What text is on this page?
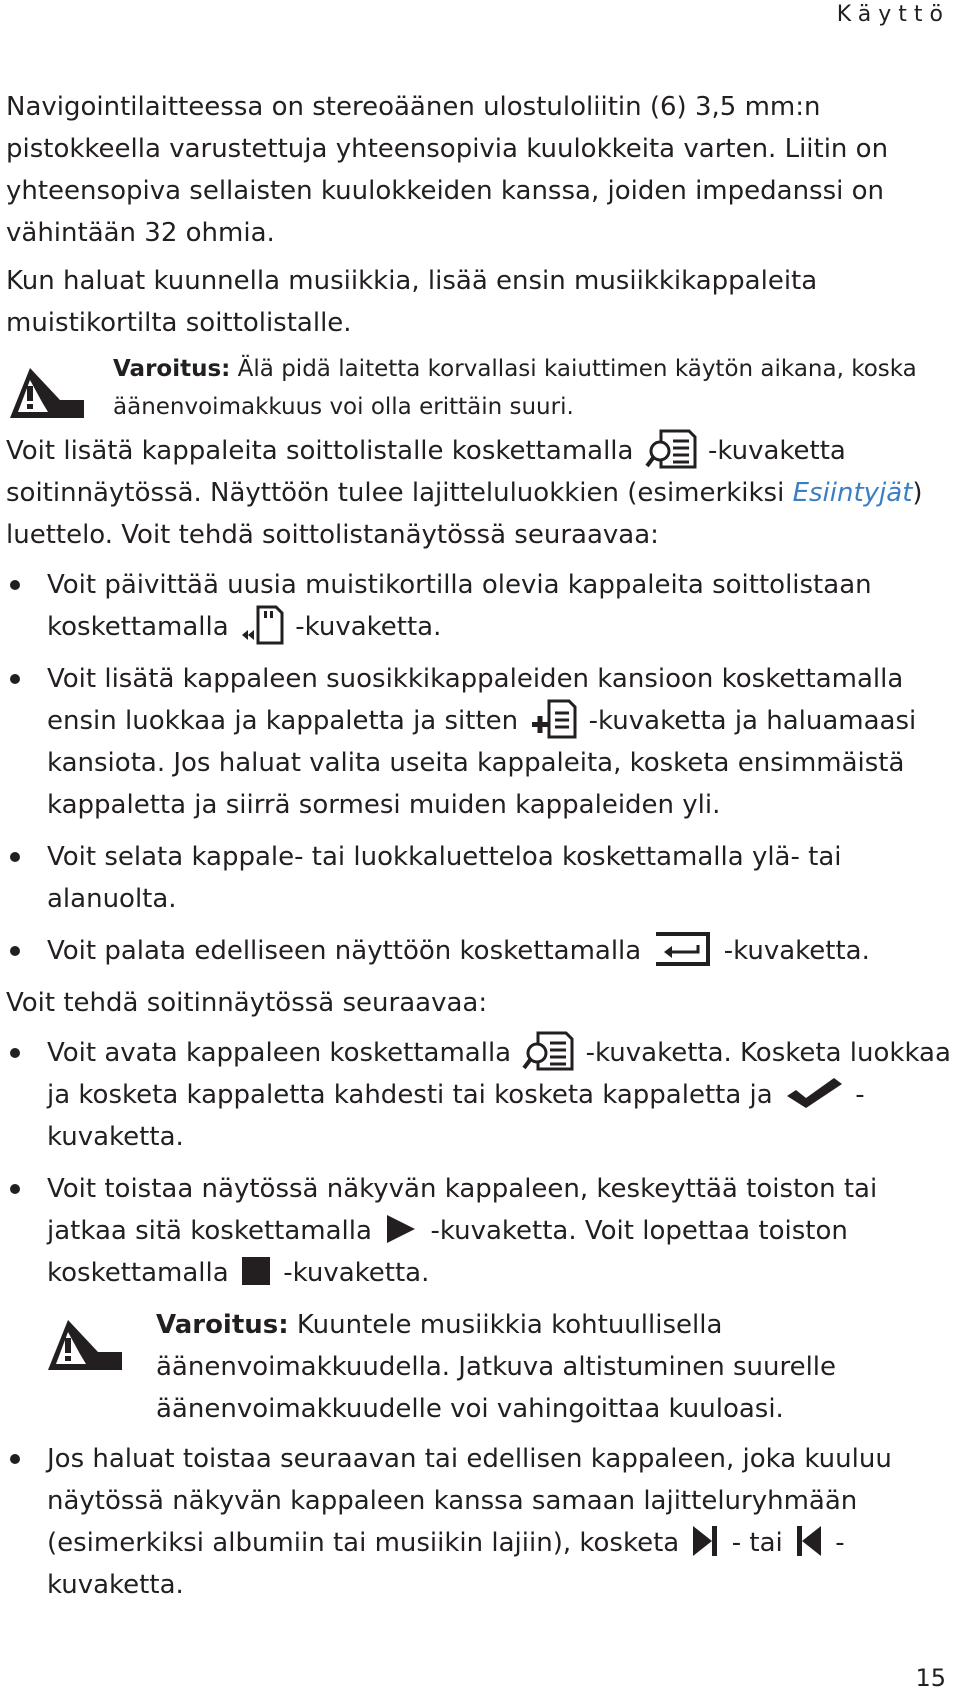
Käyttö

Navigointilaitteessa on stereoäänen ulostuloliitin (6) 3,5 mm:n pistokkeella varustettuja yhteensopivia kuulokkeita varten. Liitin on yhteensopiva sellaisten kuulokkeiden kanssa, joiden impedanssi on vähintään 32 ohmia.

Kun haluat kuunnella musiikkia, lisää ensin musiikkikappaleita muistikortilta soittolistalle.

Varoitus: Älä pidä laitetta korvallasi kaiuttimen käytön aikana, koska äänenvoimakkuus voi olla erittäin suuri.

Voit lisätä kappaleita soittolistalle koskettamalla  -kuvaketta soitinnäytössä. Näyttöön tulee lajitteluluokkien (esimerkiksi Esiintyjät) luettelo. Voit tehdä soittolistanäytössä seuraavaa:

Voit päivittää uusia muistikortilla olevia kappaleita soittolistaan koskettamalla  -kuvaketta.
Voit lisätä kappaleen suosikkikappaleiden kansioon koskettamalla ensin luokkaa ja kappaletta ja sitten  -kuvaketta ja haluamaasi kansiota. Jos haluat valita useita kappaleita, kosketa ensimmäistä kappaletta ja siirrä sormesi muiden kappaleiden yli.
Voit selata kappale- tai luokkaluetteloa koskettamalla ylä- tai alanuolta.
Voit palata edelliseen näyttöön koskettamalla	-kuvaketta.

Voit tehdä soitinnäytössä seuraavaa:

Voit avata kappaleen koskettamalla  -kuvaketta. Kosketa luokkaa ja kosketa kappaletta kahdesti tai kosketa kappaletta ja	-kuvaketta.
Voit toistaa näytössä näkyvän kappaleen, keskeyttää toiston tai jatkaa sitä koskettamalla  -kuvaketta. Voit lopettaa toiston koskettamalla  -kuvaketta.
Varoitus: Kuuntele musiikkia kohtuullisella äänenvoimakkuudella. Jatkuva altistuminen suurelle äänenvoimakkuudelle voi vahingoittaa kuuloasi.
Jos haluat toistaa seuraavan tai edellisen kappaleen, joka kuuluu näytössä näkyvän kappaleen kanssa samaan lajitteluryhmään (esimerkiksi albumiin tai musiikin lajiin), kosketa  - tai  -kuvaketta.
15
